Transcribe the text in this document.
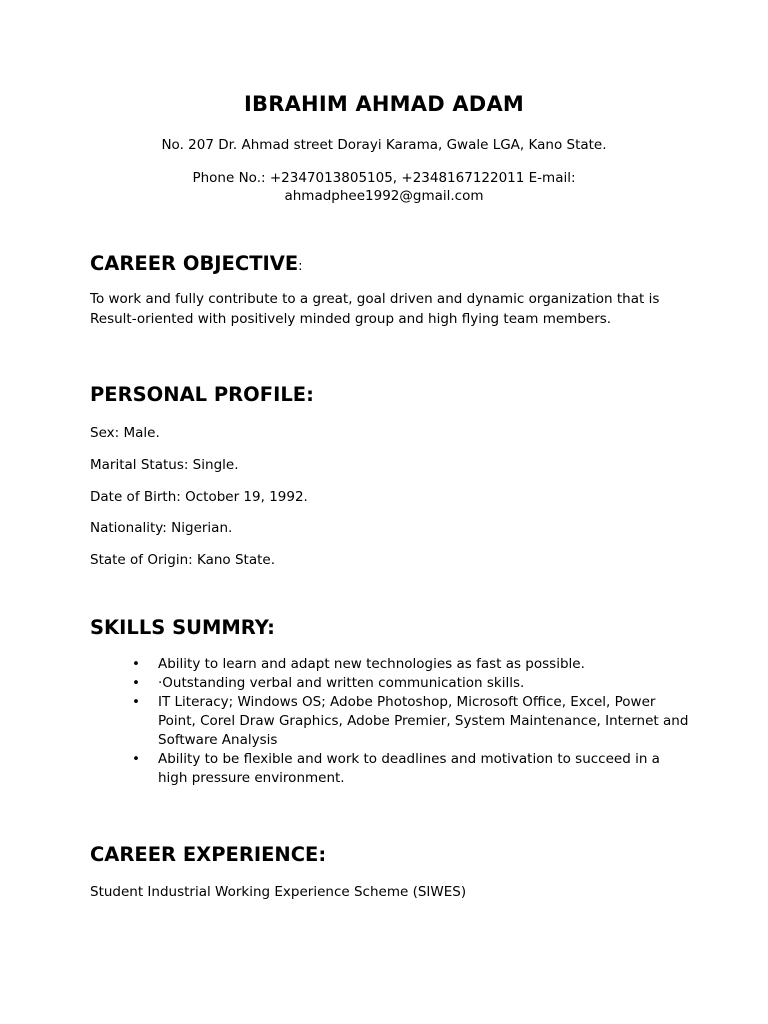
IBRAHIM AHMAD ADAM
No. 207 Dr. Ahmad street Dorayi Karama, Gwale LGA, Kano State.
Phone No.: +2347013805105, +2348167122011 E-mail:
ahmadphee1992@gmail.com
CAREER OBJECTIVE:
To work and fully contribute to a great, goal driven and dynamic organization that is Result-oriented with positively minded group and high flying team members.
PERSONAL PROFILE:
Sex: Male.
Marital Status: Single.
Date of Birth: October 19, 1992.
Nationality: Nigerian.
State of Origin: Kano State.
SKILLS SUMMRY:
• Ability to learn and adapt new technologies as fast as possible.
• ·Outstanding verbal and written communication skills.
• IT Literacy; Windows OS; Adobe Photoshop, Microsoft Office, Excel, Power Point, Corel Draw Graphics, Adobe Premier, System Maintenance, Internet and Software Analysis
• Ability to be flexible and work to deadlines and motivation to succeed in a high pressure environment.
CAREER EXPERIENCE:
Student Industrial Working Experience Scheme (SIWES)
